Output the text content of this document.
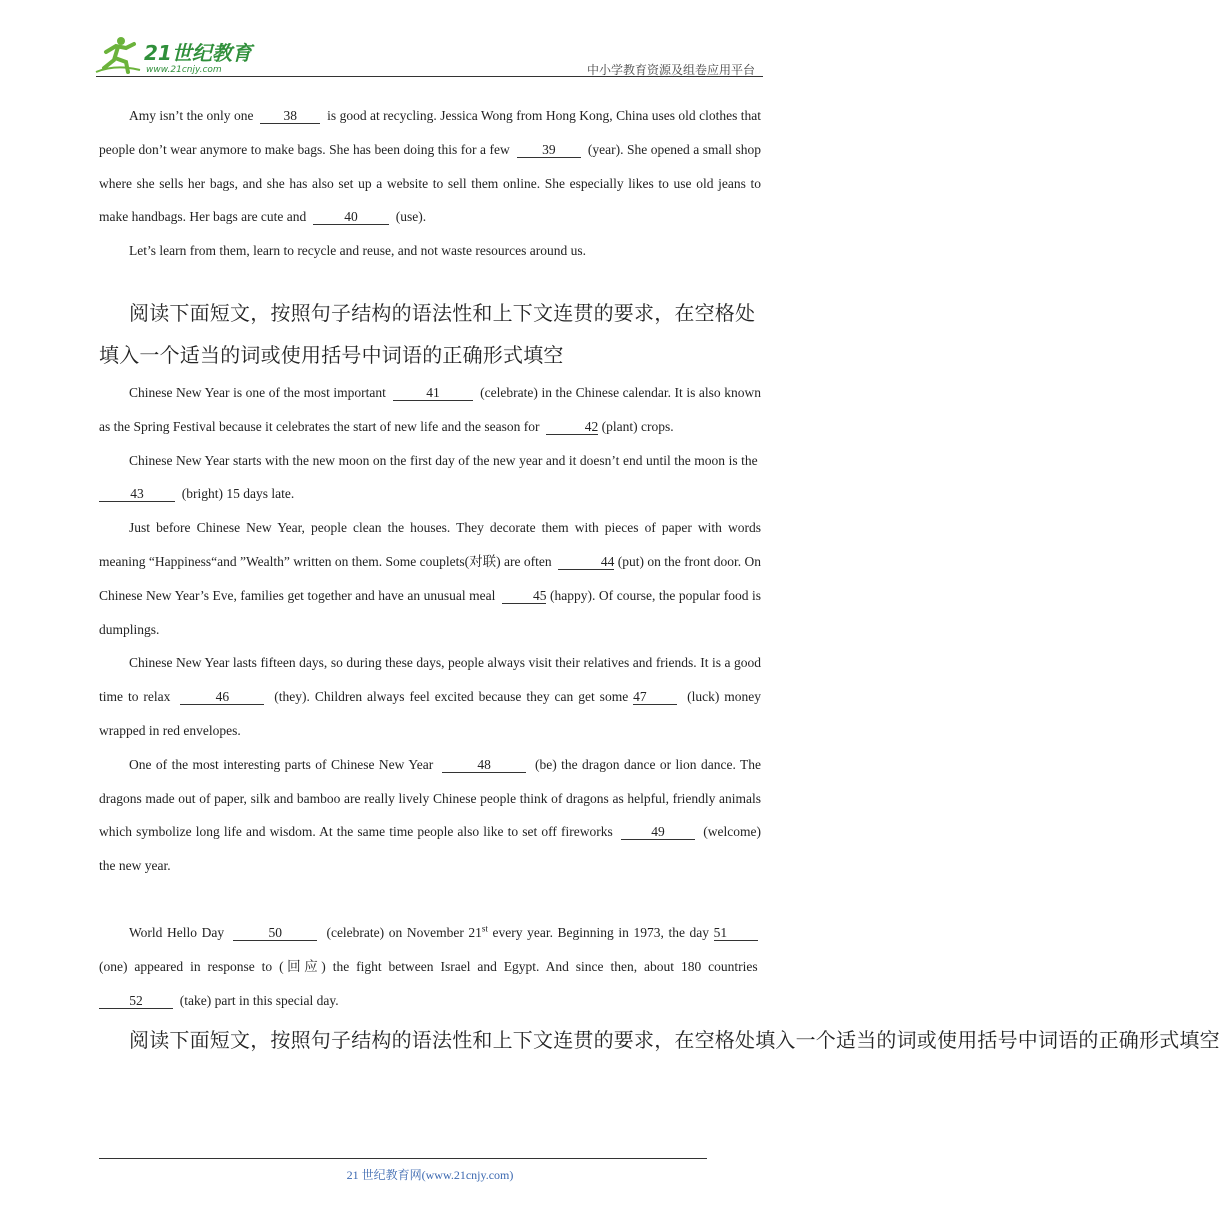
21世纪教育
www.21cnjy.com	中小学教育资源及组卷应用平台

Amy isn’t the only one 38 is good at recycling. Jessica Wong from Hong Kong, China uses old clothes that people don’t wear anymore to make bags. She has been doing this for a few 39 (year). She opened a small shop where she sells her bags, and she has also set up a website to sell them online. She especially likes to use old jeans to make handbags. Her bags are cute and	40	(use).

Let’s learn from them, learn to recycle and reuse, and not waste resources around us.

阅读下面短文，按照句子结构的语法性和上下文连贯的要求，在空格处填入一个适当的词或使用括号中词语的正确形式填空

Chinese New Year is one of the most important	41	(celebrate) in the Chinese calendar. It is also known as the Spring Festival because it celebrates the start of new life and the season for	42 (plant) crops.

Chinese New Year starts with the new moon on the first day of the new year and it doesn’t end until the moon is the  43	(bright) 15 days late.

Just before Chinese New Year, people clean the houses. They decorate them with pieces of paper with words meaning “Happiness“and ”Wealth” written on them. Some couplets(对联) are often	44 (put) on the front door. On Chinese New Year’s Eve, families get together and have an unusual meal	45 (happy). Of course, the popular food is dumplings.

Chinese New Year lasts fifteen days, so during these days, people always visit their relatives and friends. It is a good time to relax	46	(they). Children always feel excited because they can get some 47	(luck) money wrapped in red envelopes.

One of the most interesting parts of Chinese New Year	48	(be) the dragon dance or lion dance. The dragons made out of paper, silk and bamboo are really lively Chinese people think of dragons as helpful, friendly animals which symbolize long life and wisdom. At the same time people also like to set off fireworks	49	(welcome) the new year.

World Hello Day	50	(celebrate) on November 21st every year. Beginning in 1973, the day 51  (one) appeared in response to (回应) the fight between Israel and Egypt. And since then, about 180 countries  52	(take) part in this special day.

阅读下面短文，按照句子结构的语法性和上下文连贯的要求，在空格处填入一个适当的词或使用括号中词语的正确形式填空

21 世纪教育网(www.21cnjy.com)
